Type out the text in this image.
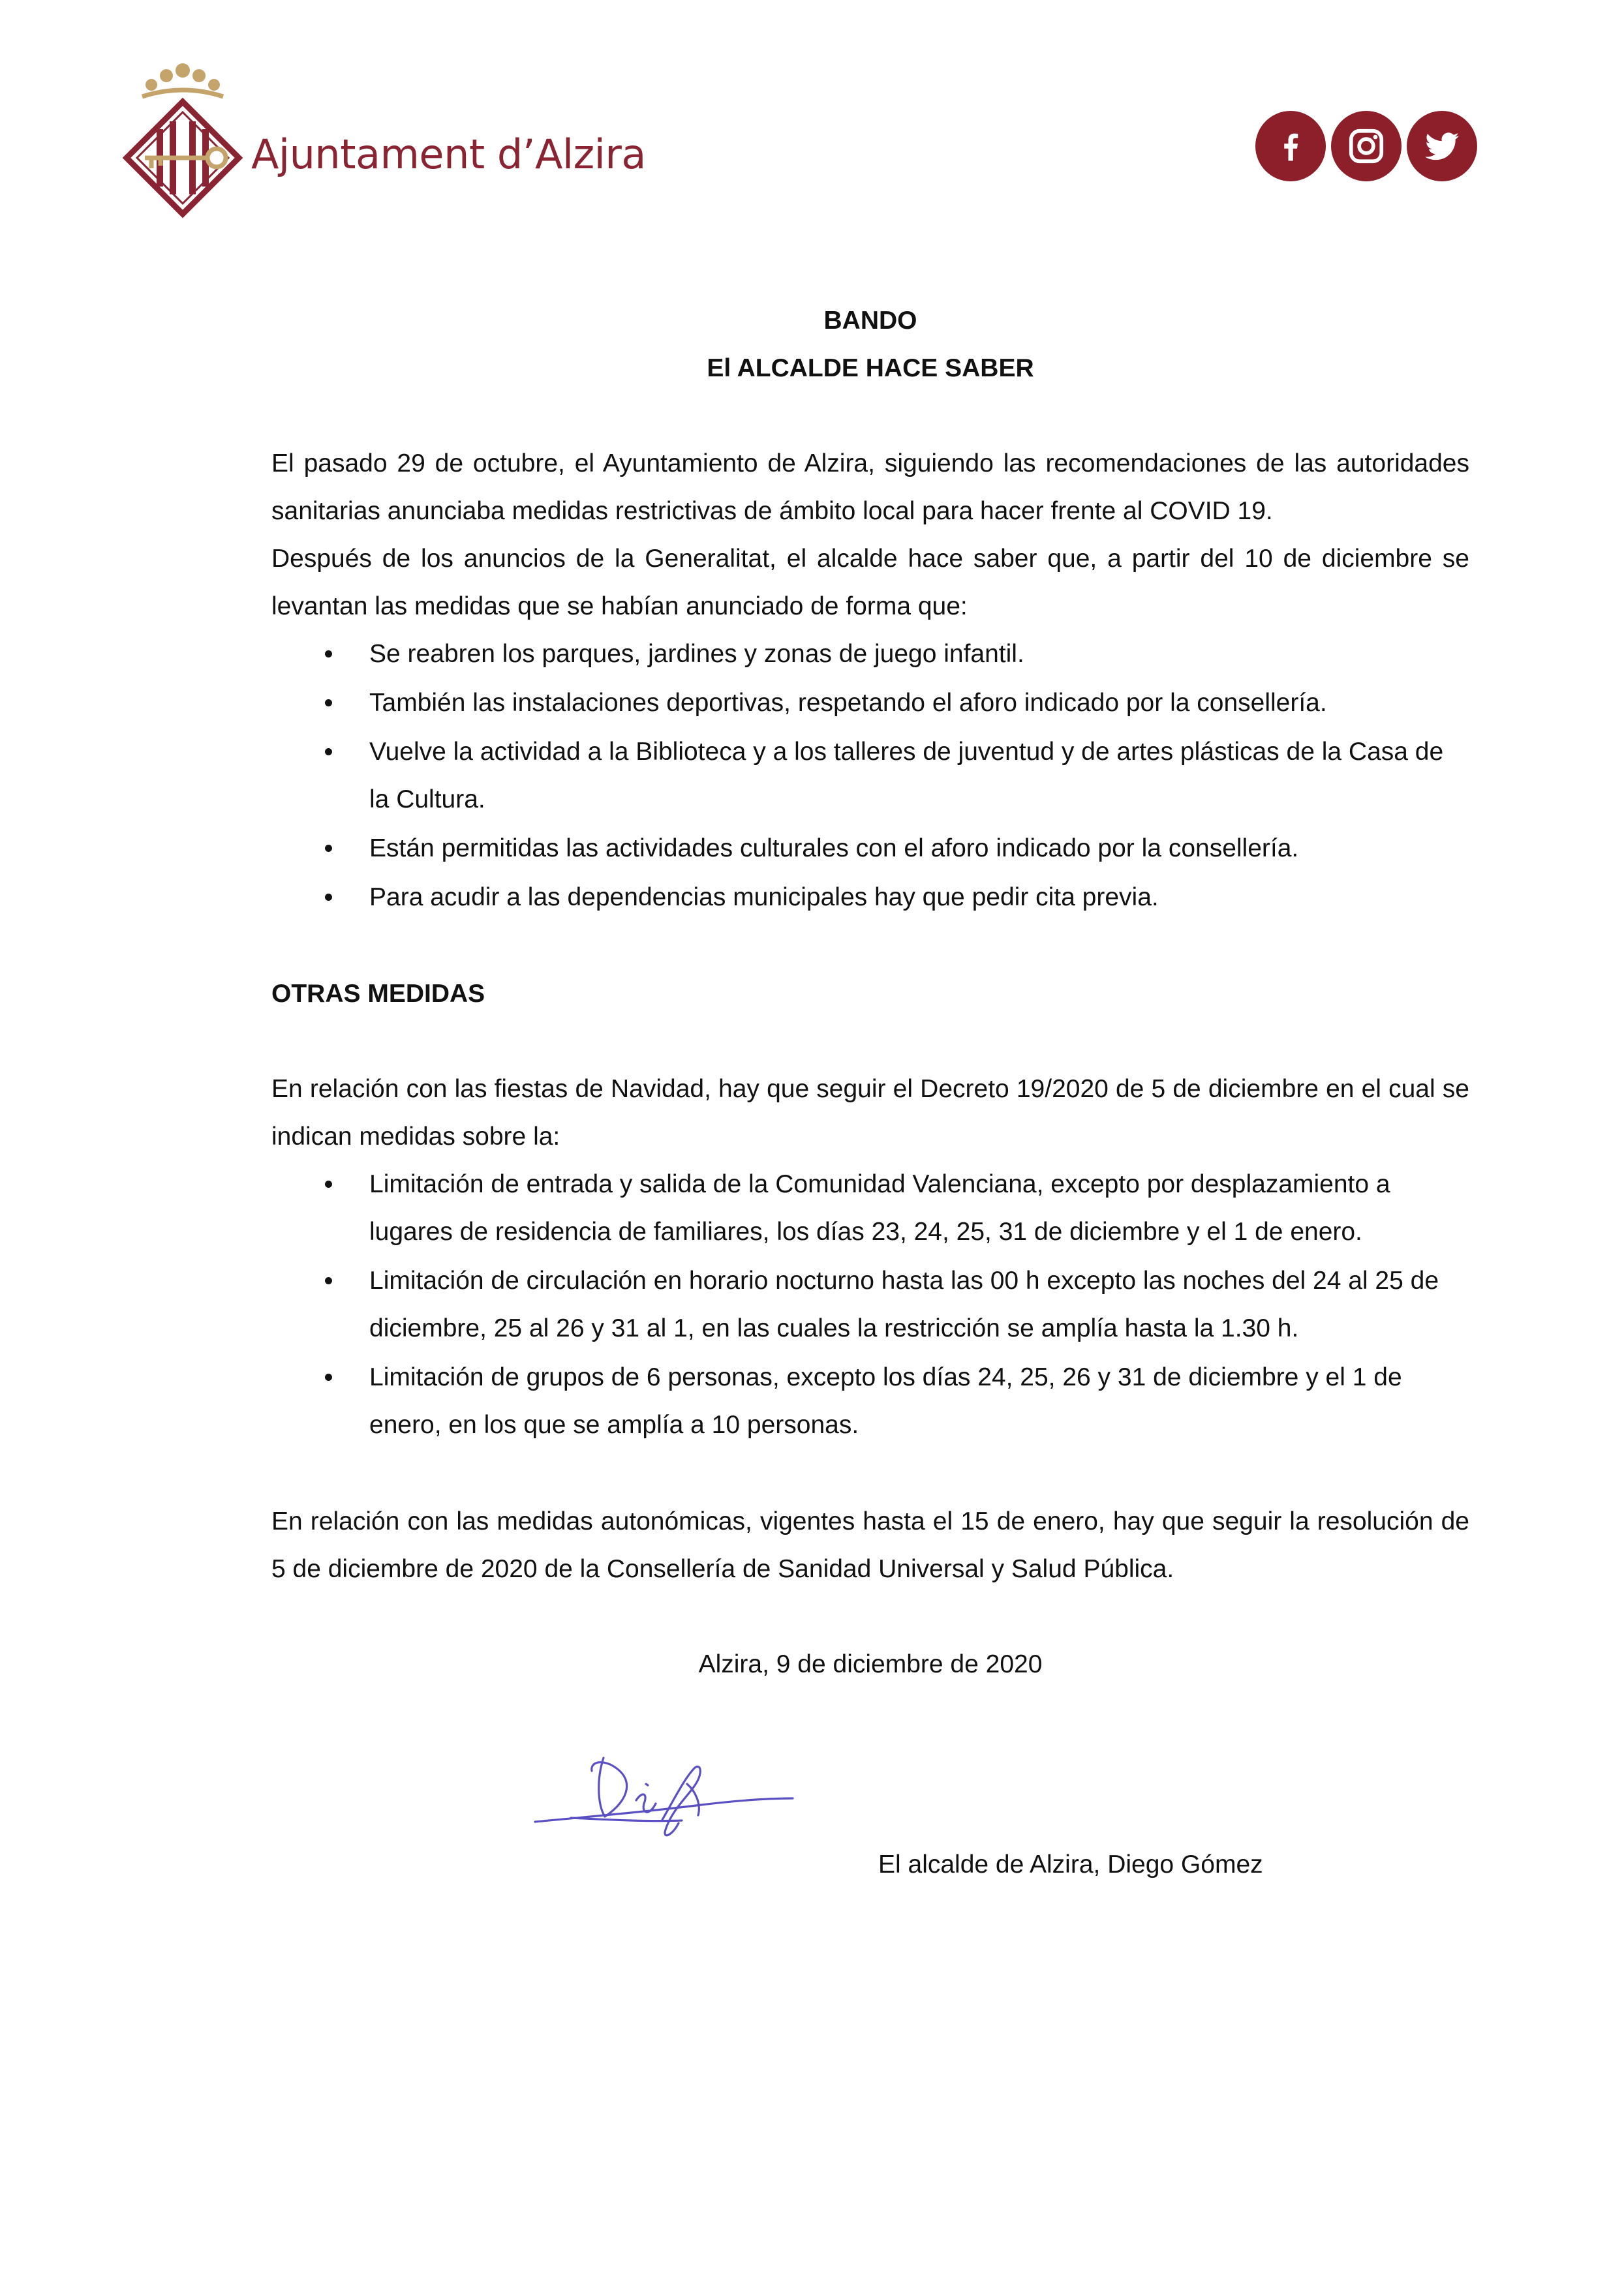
Ajuntament d’Alzira

BANDO

El ALCALDE HACE SABER

El pasado 29 de octubre, el Ayuntamiento de Alzira, siguiendo las recomendaciones de las autoridades sanitarias anunciaba medidas restrictivas de ámbito local para hacer frente al COVID 19.

Después de los anuncios de la Generalitat, el alcalde hace saber que, a partir del 10 de diciembre se levantan las medidas que se habían anunciado de forma que:

Se reabren los parques, jardines y zonas de juego infantil.
También las instalaciones deportivas, respetando el aforo indicado por la consellería.
Vuelve la actividad a la Biblioteca y a los talleres de juventud y de artes plásticas de la Casa de la Cultura.
Están permitidas las actividades culturales con el aforo indicado por la consellería.
Para acudir a las dependencias municipales hay que pedir cita previa.

OTRAS MEDIDAS

En relación con las fiestas de Navidad, hay que seguir el Decreto 19/2020 de 5 de diciembre en el cual se indican medidas sobre la:

Limitación de entrada y salida de la Comunidad Valenciana, excepto por desplazamiento a lugares de residencia de familiares, los días 23, 24, 25, 31 de diciembre y el 1 de enero.
Limitación de circulación en horario nocturno hasta las 00 h excepto las noches del 24 al 25 de diciembre, 25 al 26 y 31 al 1, en las cuales la restricción se amplía hasta la 1.30 h.
Limitación de grupos de 6 personas, excepto los días 24, 25, 26 y 31 de diciembre y el 1 de enero, en los que se amplía a 10 personas.

En relación con las medidas autonómicas, vigentes hasta el 15 de enero, hay que seguir la resolución de 5 de diciembre de 2020 de la Consellería de Sanidad Universal y Salud Pública.

Alzira, 9 de diciembre de 2020

El alcalde de Alzira, Diego Gómez
